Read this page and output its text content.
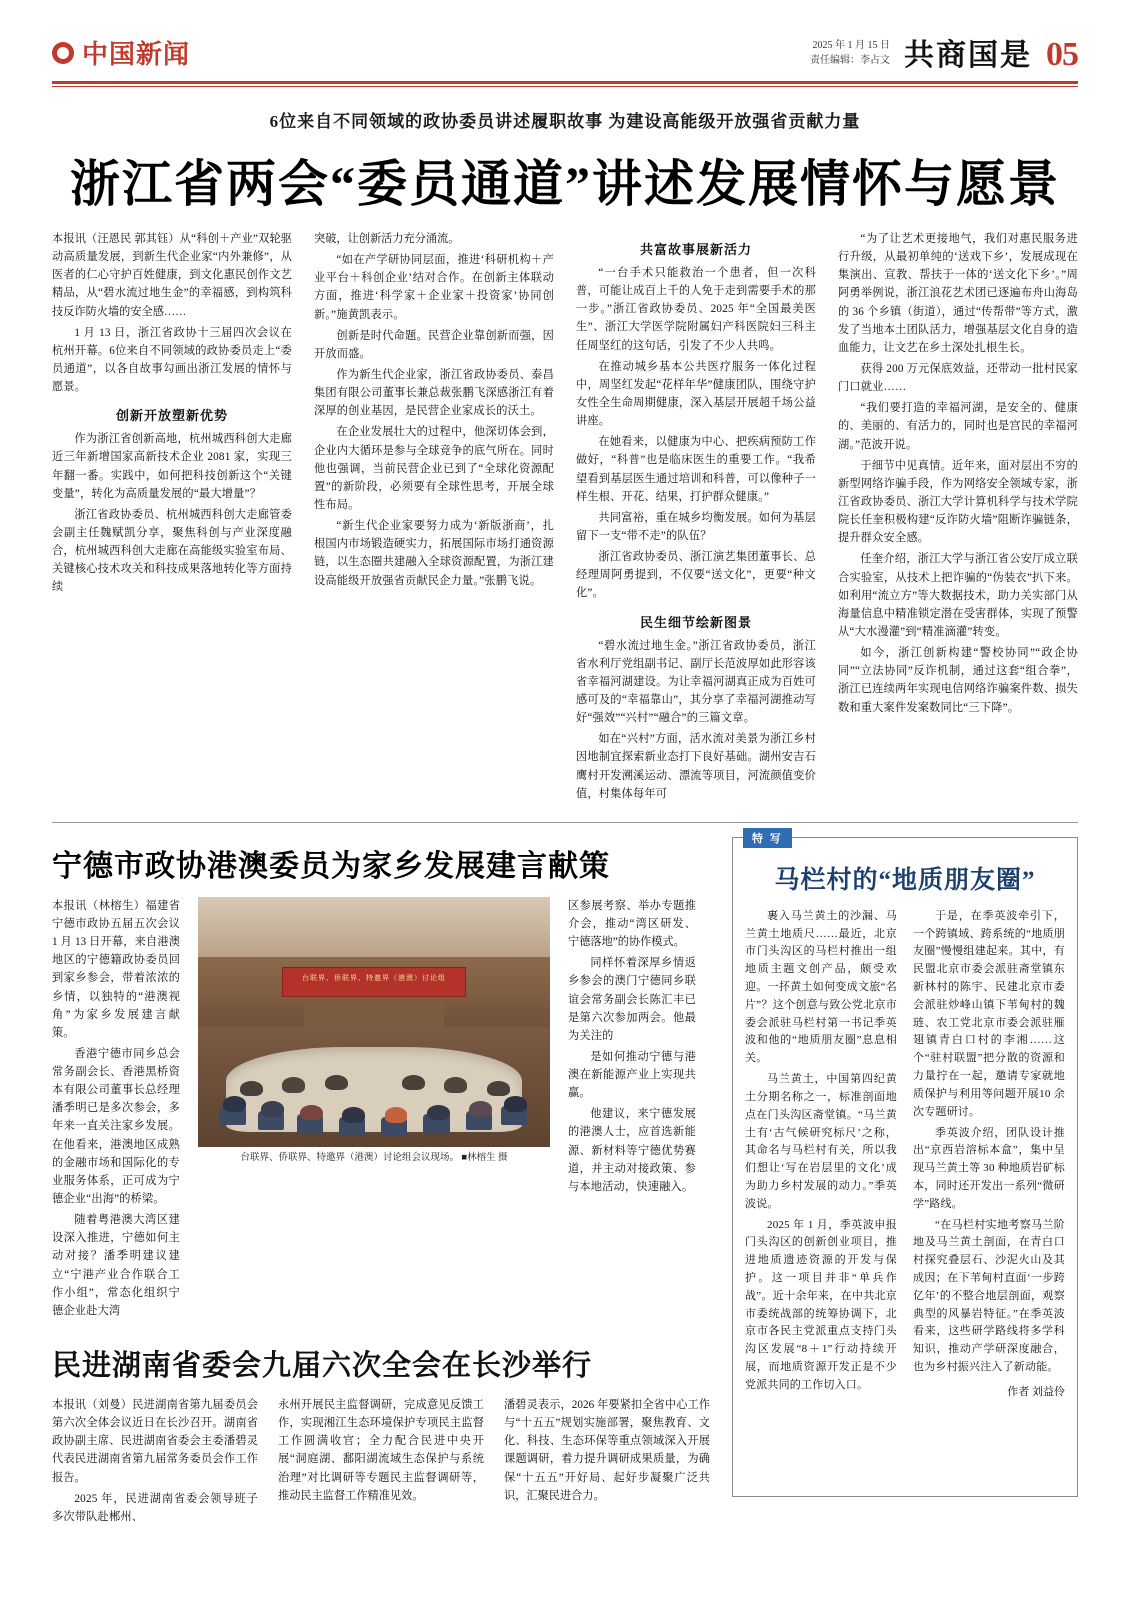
中国新闻	2025 年 1 月 15 日
责任编辑：李占文 共商国是 05
6位来自不同领域的政协委员讲述履职故事 为建设高能级开放强省贡献力量
浙江省两会“委员通道”讲述发展情怀与愿景

本报讯（汪恩民 郭其钰）从“科创＋产业”双轮驱动高质量发展，到新生代企业家“内外兼修”，从医者的仁心守护百姓健康，到文化惠民创作文艺精品，从“碧水流过地生金”的幸福感，到构筑科技反诈防火墙的安全感……

1 月 13 日，浙江省政协十三届四次会议在杭州开幕。6位来自不同领域的政协委员走上“委员通道”，以各自故事勾画出浙江发展的情怀与愿景。

创新开放塑新优势

作为浙江省创新高地，杭州城西科创大走廊近三年新增国家高新技术企业 2081 家，实现三年翻一番。实践中，如何把科技创新这个“关键变量”，转化为高质量发展的“最大增量”？

浙江省政协委员、杭州城西科创大走廊管委会副主任魏赋凯分享，聚焦科创与产业深度融合，杭州城西科创大走廊在高能级实验室布局、关键核心技术攻关和科技成果落地转化等方面持续

突破，让创新活力充分涌流。

“如在产学研协同层面，推进‘科研机构＋产业平台＋科创企业’结对合作。在创新主体联动方面，推进‘科学家＋企业家＋投资家’协同创新。”施黄凯表示。

创新是时代命题。民营企业靠创新而强，因开放而盛。

作为新生代企业家，浙江省政协委员、泰昌集团有限公司董事长兼总裁张鹏飞深感浙江有着深厚的创业基因，是民营企业家成长的沃土。

在企业发展壮大的过程中，他深切体会到，企业内大循环是参与全球竞争的底气所在。同时他也强调，当前民营企业已到了“全球化资源配置”的新阶段，必须要有全球性思考，开展全球性布局。

“新生代企业家要努力成为‘新版浙商’，扎根国内市场锻造硬实力，拓展国际市场打通资源链，以生态圈共建融入全球资源配置，为浙江建设高能级开放强省贡献民企力量。”张鹏飞说。

共富故事展新活力

“一台手术只能救治一个患者，但一次科普，可能让成百上千的人免于走到需要手术的那一步。”浙江省政协委员、2025 年“全国最美医生”、浙江大学医学院附属妇产科医院妇三科主任周坚红的这句话，引发了不少人共鸣。

在推动城乡基本公共医疗服务一体化过程中，周坚红发起“花样年华”健康团队，围绕守护女性全生命周期健康，深入基层开展超千场公益讲座。

在她看来，以健康为中心、把疾病预防工作做好，“科普”也是临床医生的重要工作。“我希望看到基层医生通过培训和科普，可以像种子一样生根、开花、结果，打护群众健康。”

共同富裕，重在城乡均衡发展。如何为基层留下一支“带不走”的队伍？

浙江省政协委员、浙江演艺集团董事长、总经理周阿勇提到，不仅要“送文化”，更要“种文化”。

民生细节绘新图景

“碧水流过地生金。”浙江省政协委员，浙江省水利厅党组副书记、副厅长范波厚如此形容该省幸福河湖建设。为让幸福河湖真正成为百姓可感可及的“幸福靠山”，其分享了幸福河湖推动写好“强效”“兴村”“融合”的三篇文章。

如在“兴村”方面，活水流对美景为浙江乡村因地制宜探索新业态打下良好基础。湖州安吉石鹰村开发溯溪运动、漂流等项目，河流颜值变价值，村集体每年可

“为了让艺术更接地气，我们对惠民服务进行升级，从最初单纯的‘送戏下乡’，发展成现在集演出、宣教、帮扶于一体的‘送文化下乡’。”周阿勇举例说，浙江浪花艺术团已逐遍布舟山海岛的 36 个乡镇（街道），通过“传帮带”等方式，激发了当地本土团队活力，增强基层文化自身的造血能力，让文艺在乡土深处扎根生长。

获得 200 万元保底效益，还带动一批村民家门口就业……

“我们要打造的幸福河湖，是安全的、健康的、美丽的、有活力的，同时也是宫民的幸福河湖。”范波开说。

于细节中见真情。近年来，面对层出不穷的新型网络诈骗手段，作为网络安全领域专家，浙江省政协委员、浙江大学计算机科学与技术学院院长任奎积极构建“反诈防火墙”阻断诈骗链条，提升群众安全感。

任奎介绍，浙江大学与浙江省公安厅成立联合实验室，从技术上把诈骗的“伪装衣”扒下来。如利用“流立方”等大数据技术，助力关实部门从海量信息中精准锁定潜在受害群体，实现了预警从“大水漫灌”到“精准滴灌”转变。

如今，浙江创新构建“警校协同”“政企协同”“立法协同”反诈机制，通过这套“组合拳”，浙江已连续两年实现电信网络诈骗案件数、损失数和重大案件发案数同比“三下降”。

宁德市政协港澳委员为家乡发展建言献策

本报讯（林榕生）福建省宁德市政协五届五次会议 1 月 13 日开幕，来自港澳地区的宁德籍政协委员回到家乡参会，带着浓浓的乡情，以独特的“港澳视角”为家乡发展建言献策。

香港宁德市同乡总会常务副会长、香港黑桥资本有限公司董事长总经理潘季明已是多次参会，多年来一直关注家乡发展。在他看来，港澳地区成熟的金融市场和国际化的专业服务体系，正可成为宁德企业“出海”的桥梁。

随着粤港澳大湾区建设深入推进，宁德如何主动对接？潘季明建议建立“宁港产业合作联合工作小组”，常态化组织宁德企业赴大湾

台联界、侨联界、特邀界（港澳）讨论组
台联界、侨联界、特邀界（港澳）讨论组会议现场。 ■林榕生 摄

区参展考察、举办专题推介会，推动“湾区研发、宁德落地”的协作模式。

同样怀着深厚乡情返乡参会的澳门宁德同乡联谊会常务副会长陈汇丰已是第六次参加两会。他最为关注的

是如何推动宁德与港澳在新能源产业上实现共赢。

他建议，来宁德发展的港澳人士，应首选新能源、新材料等宁德优势赛道，并主动对接政策、参与本地活动，快速融入。

民进湖南省委会九届六次全会在长沙举行

本报讯（刘曼）民进湖南省第九届委员会第六次全体会议近日在长沙召开。湖南省政协副主席、民进湖南省委会主委潘碧灵代表民进湖南省第九届常务委员会作工作报告。

2025 年，民进湖南省委会领导班子多次带队赴郴州、

永州开展民主监督调研，完成意见反馈工作，实现湘江生态环境保护专项民主监督工作圆满收官；全力配合民进中央开展“洞庭湖、鄱阳湖流域生态保护与系统治理”对比调研等专题民主监督调研等，推动民主监督工作精准见效。

潘碧灵表示，2026 年要紧扣全省中心工作与“十五五”规划实施部署，聚焦教育、文化、科技、生态环保等重点领域深入开展课题调研，着力提升调研成果质量，为确保“十五五”开好局、起好步凝聚广泛共识，汇聚民进合力。

特 写
马栏村的“地质朋友圈”

裹入马兰黄土的沙漏、马兰黄土地质尺……最近，北京市门头沟区的马栏村推出一组地质主题文创产品，颇受欢迎。一抔黄土如何变成文旅“名片”？这个创意与致公党北京市委会派驻马栏村第一书记季英波和他的“地质朋友圈”息息相关。

马兰黄土，中国第四纪黄土分期名称之一，标准剖面地点在门头沟区斋堂镇。“马兰黄土有‘古气候研究标尺’之称，其命名与马栏村有关，所以我们想让‘写在岩层里的文化’成为助力乡村发展的动力。”季英波说。

2025 年 1 月，季英波申报门头沟区的创新创业项目，推进地质遗迹资源的开发与保护。这一项目并非“单兵作战”。近十余年来，在中共北京市委统战部的统筹协调下，北京市各民主党派重点支持门头沟区发展“8＋1”行动持续开展，而地质资源开发正是不少党派共同的工作切入口。

于是，在季英波牵引下，一个跨镇域、跨系统的“地质朋友圈”慢慢组建起来。其中，有民盟北京市委会派驻斋堂镇东新林村的陈宇、民建北京市委会派驻炒峰山镇下苇甸村的魏琏、农工党北京市委会派驻雁翅镇青白口村的李湘……这个“驻村联盟”把分散的资源和力量拧在一起，邀请专家就地质保护与利用等问题开展10 余次专题研讨。

季英波介绍，团队设计推出“京西岩溶标本盒”，集中呈现马兰黄土等 30 种地质岩矿标本，同时还开发出一系列“微研学”路线。

“在马栏村实地考察马兰阶地及马兰黄土剖面，在青白口村探究叠层石、沙泥火山及其成因；在下苇甸村直面‘一步跨亿年’的不整合地层剖面，观察典型的风暴岩特征。”在季英波看来，这些研学路线将多学科知识，推动产学研深度融合，也为乡村振兴注入了新动能。

作者 刘益伶
